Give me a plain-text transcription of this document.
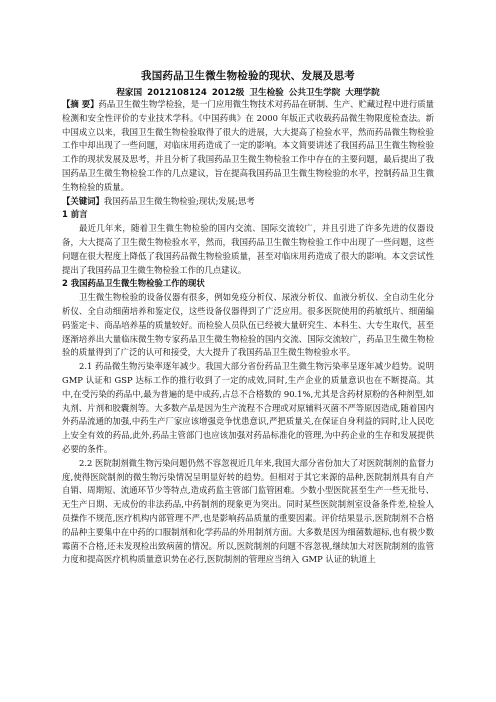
我国药品卫生微生物检验的现状、发展及思考
程家国 2012108124 2012级 卫生检验 公共卫生学院 大理学院

【摘 要】药品卫生微生物学检验，是一门应用微生物技术对药品在研制、生产、贮藏过程中进行质量检测和安全性评价的专业技术学科。《中国药典》在 2000 年版正式收载药品微生物限度检查法。新中国成立以来，我国卫生微生物检验取得了很大的进展，大大提高了检验水平，然而药品微生物检验工作中却出现了一些问题，对临床用药造成了一定的影响。本文简要讲述了我国药品卫生微生物检验工作的现状发展及思考，并且分析了我国药品卫生微生物检验工作中存在的主要问题，最后提出了我国药品卫生微生物检验工作的几点建议，旨在提高我国药品卫生微生物检验的水平，控制药品卫生微生物检验的质量。

【关键词】我国药品卫生微生物检验;现状;发展;思考

1 前言

最近几年来，随着卫生微生物检验的国内交流、国际交流较广，并且引进了许多先进的仪器设备，大大提高了卫生微生物检验水平，然而，我国药品卫生微生物检验工作中出现了一些问题，这些问题在很大程度上降低了我国药品微生物检验质量，甚至对临床用药造成了很大的影响。本文尝试性提出了我国药品卫生微生物检验工作的几点建议。

2 我国药品卫生微生物检验工作的现状

卫生微生物检验的设备仪器有很多，例如免疫分析仪、尿液分析仪、血液分析仪、全自动生化分析仪、全自动细菌培养和鉴定仪，这些设备仪器得到了广泛应用。很多医院使用的药敏纸片、细菌编码鉴定卡、商品培养基的质量较好。而检验人员队伍已经被大量研究生、本科生、大专生取代，甚至逐渐培养出大量临床微生物专家药品卫生微生物检验的国内交流、国际交流较广，药品卫生微生物检验的质量得到了广泛的认可和接受，大大提升了我国药品卫生微生物检验水平。

2.1 药品微生物污染率逐年减少。我国大部分省份药品卫生微生物污染率呈逐年减少趋势。说明 GMP 认证和 GSP 达标工作的推行收到了一定的成效,同时,生产企业的质量意识也在不断提高。其中,在受污染的药品中,最为普遍的是中成药,占总不合格数的 90.1%,尤其是含药材原粉的各种剂型,如丸剂、片剂和胶囊剂等。大多数产品是因为生产流程不合理或对原辅料灭菌不严等原因造成,随着国内外药品流通的加强,中药生产厂家应该增强竞争忧患意识,严把质量关,在保证自身利益的同时,让人民吃上安全有效的药品,此外,药品主管部门也应该加强对药品标准化的管理,为中药企业的生存和发展提供必要的条件。

2.2 医院制剂微生物污染问题仍然不容忽视近几年来,我国大部分省份加大了对医院制剂的监督力度,使得医院制剂的微生物污染情况呈明显好转的趋势。但相对于其它来源的品种,医院制剂具有自产自销、周期短、流通环节少等特点,造成药监主管部门监管困难。少数小型医院甚至生产一些无批号、无生产日期、无成份的非法药品,中药制剂的现象更为突出。同时某些医院制剂室设备条件差,检验人员操作不规范,医疗机构内部管理不严,也是影响药品质量的重要因素。评价结果显示,医院制剂不合格的品种主要集中在中药的口服制剂和化学药品的外用制剂方面。大多数是因为细菌数超标,也有极少数霉菌不合格,还未发现检出致病菌的情况。所以,医院制剂的问题不容忽视,继续加大对医院制剂的监管力度和提高医疗机构质量意识势在必行,医院制剂的管理应当纳入 GMP 认证的轨道上
